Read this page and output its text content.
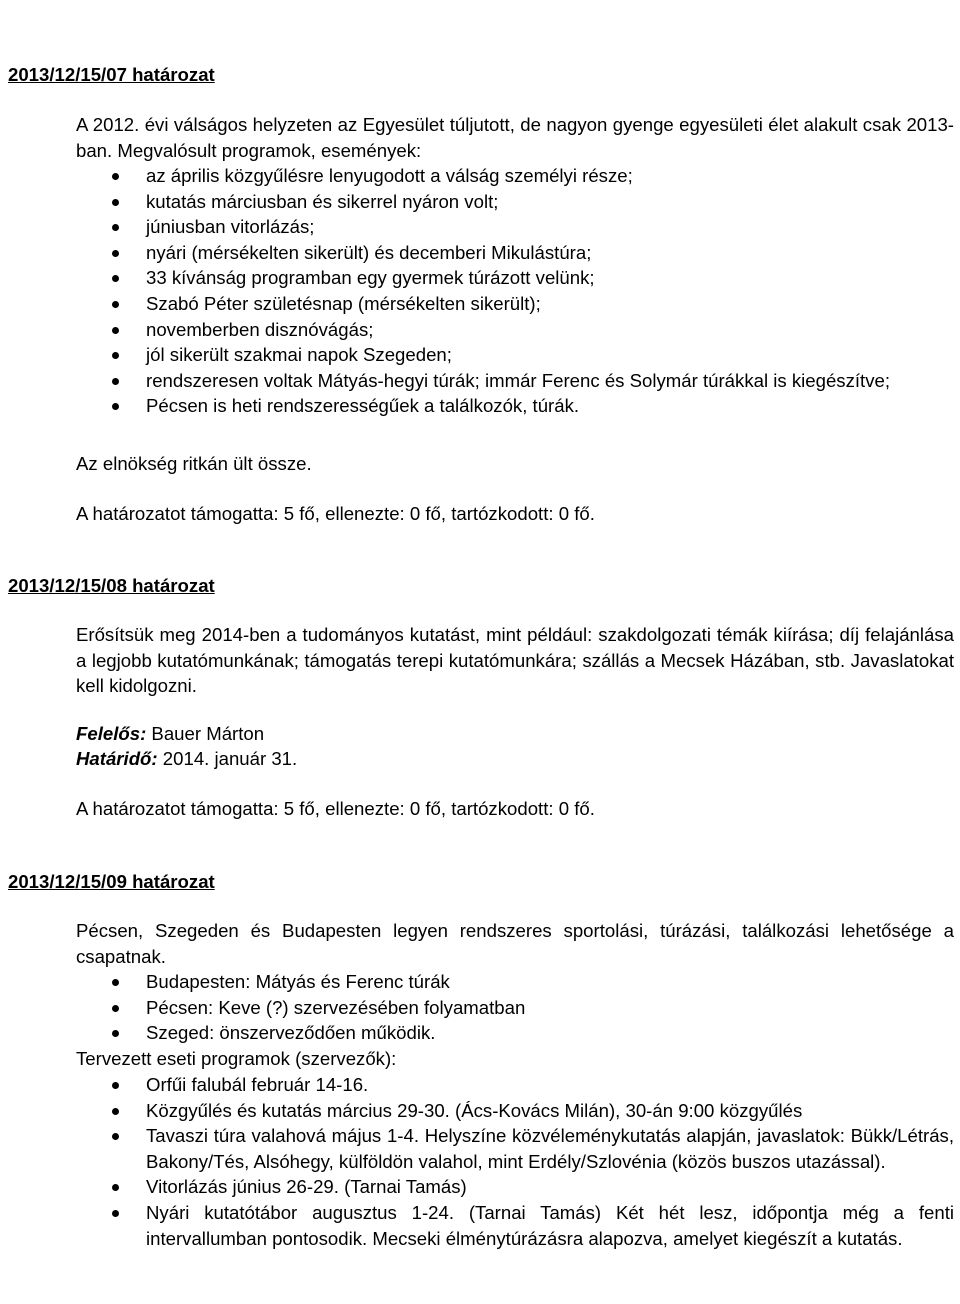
2013/12/15/07 határozat
A 2012. évi válságos helyzeten az Egyesület túljutott, de nagyon gyenge egyesületi élet alakult csak 2013-ban. Megvalósult programok, események:
az április közgyűlésre lenyugodott a válság személyi része;
kutatás márciusban és sikerrel nyáron volt;
júniusban vitorlázás;
nyári (mérsékelten sikerült) és decemberi Mikulástúra;
33 kívánság programban egy gyermek túrázott velünk;
Szabó Péter születésnap (mérsékelten sikerült);
novemberben disznóvágás;
jól sikerült szakmai napok Szegeden;
rendszeresen voltak Mátyás-hegyi túrák; immár Ferenc és Solymár túrákkal is kiegészítve;
Pécsen is heti rendszerességűek a találkozók, túrák.
Az elnökség ritkán ült össze.
A határozatot támogatta: 5 fő, ellenezte: 0 fő, tartózkodott: 0 fő.
2013/12/15/08 határozat
Erősítsük meg 2014-ben a tudományos kutatást, mint például: szakdolgozati témák kiírása; díj felajánlása a legjobb kutatómunkának; támogatás terepi kutatómunkára; szállás a Mecsek Házában, stb. Javaslatokat kell kidolgozni.
Felelős: Bauer Márton
Határidő: 2014. január 31.
A határozatot támogatta: 5 fő, ellenezte: 0 fő, tartózkodott: 0 fő.
2013/12/15/09 határozat
Pécsen, Szegeden és Budapesten legyen rendszeres sportolási, túrázási, találkozási lehetősége a csapatnak.
Budapesten: Mátyás és Ferenc túrák
Pécsen: Keve (?) szervezésében folyamatban
Szeged: önszerveződően működik.
Tervezett eseti programok (szervezők):
Orfűi falubál február 14-16.
Közgyűlés és kutatás március 29-30. (Ács-Kovács Milán), 30-án 9:00 közgyűlés
Tavaszi túra valahová május 1-4. Helyszíne közvéleménykutatás alapján, javaslatok: Bükk/Létrás, Bakony/Tés, Alsóhegy, külföldön valahol, mint Erdély/Szlovénia (közös buszos utazással).
Vitorlázás június 26-29. (Tarnai Tamás)
Nyári kutatótábor augusztus 1-24. (Tarnai Tamás) Két hét lesz, időpontja még a fenti intervallumban pontosodik. Mecseki élménytúrázásra alapozva, amelyet kiegészít a kutatás.
